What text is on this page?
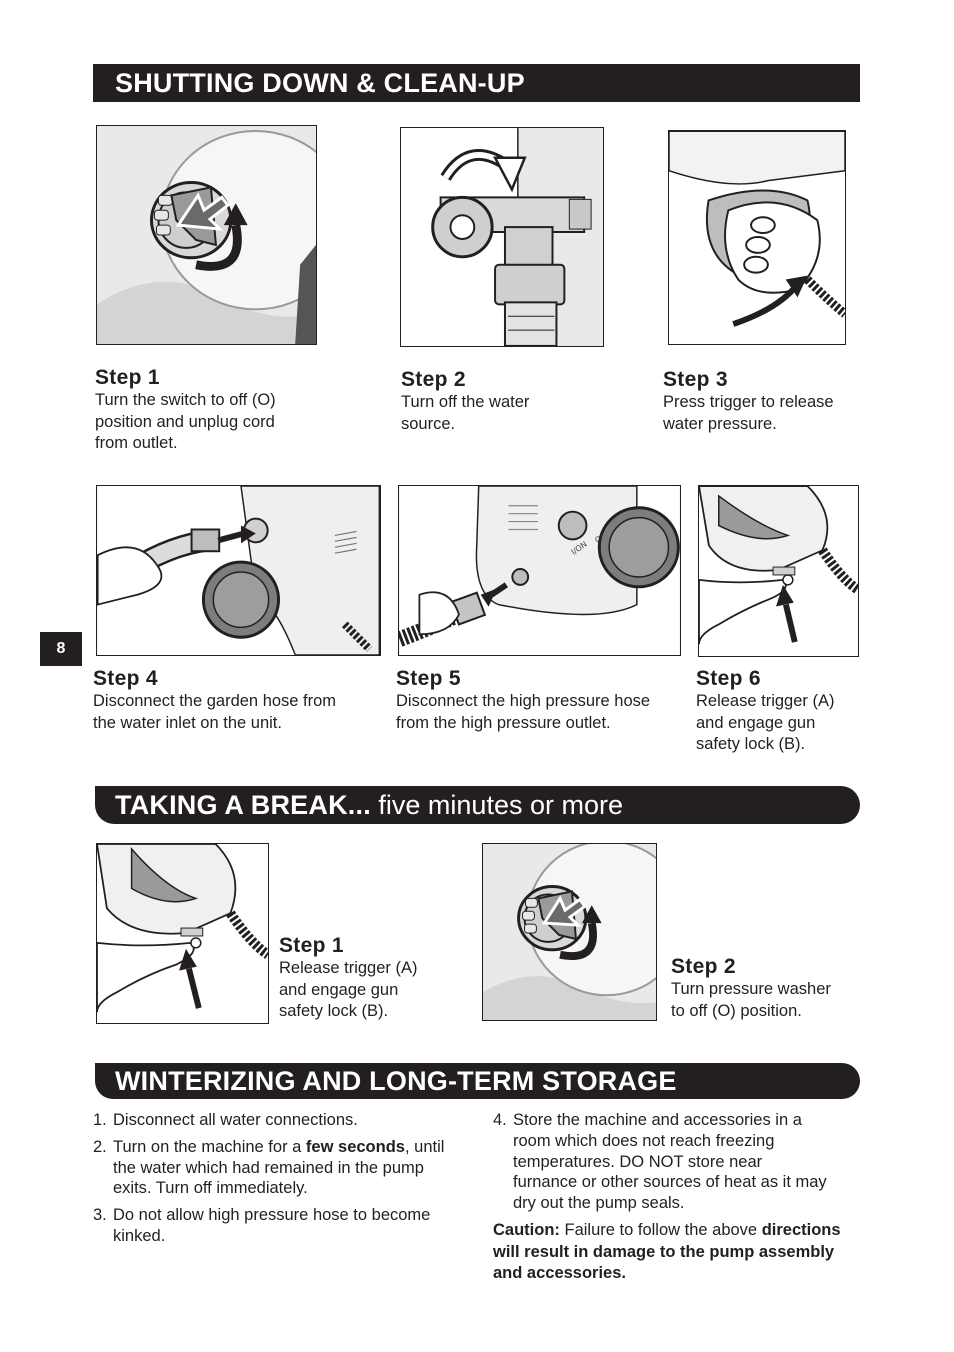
SHUTTING DOWN & CLEAN-UP
Step 1
Turn the switch to off (O)
position and unplug cord
from outlet.
Step 2
Turn off the water
source.
Step 3
Press trigger to release
water pressure.
I/ON
Step 4
Disconnect the garden hose from
the water inlet on the unit.
Step 5
Disconnect the high pressure hose
from the high pressure outlet.
Step 6
Release trigger (A)
and engage gun
safety lock (B).
8
TAKING A BREAK... five minutes or more
Step 1
Release trigger (A)
and engage gun
safety lock (B).
Step 2
Turn pressure washer
to off (O) position.
WINTERIZING AND LONG-TERM STORAGE
1. Disconnect all water connections.
2. Turn on the machine for a few seconds, until the water which had remained in the pump exits. Turn off immediately.
3. Do not allow high pressure hose to become kinked.
4. Store the machine and accessories in a room which does not reach freezing temperatures. DO NOT store near furnance or other sources of heat as it may dry out the pump seals.
Caution: Failure to follow the above directions will result in damage to the pump assembly and accessories.
